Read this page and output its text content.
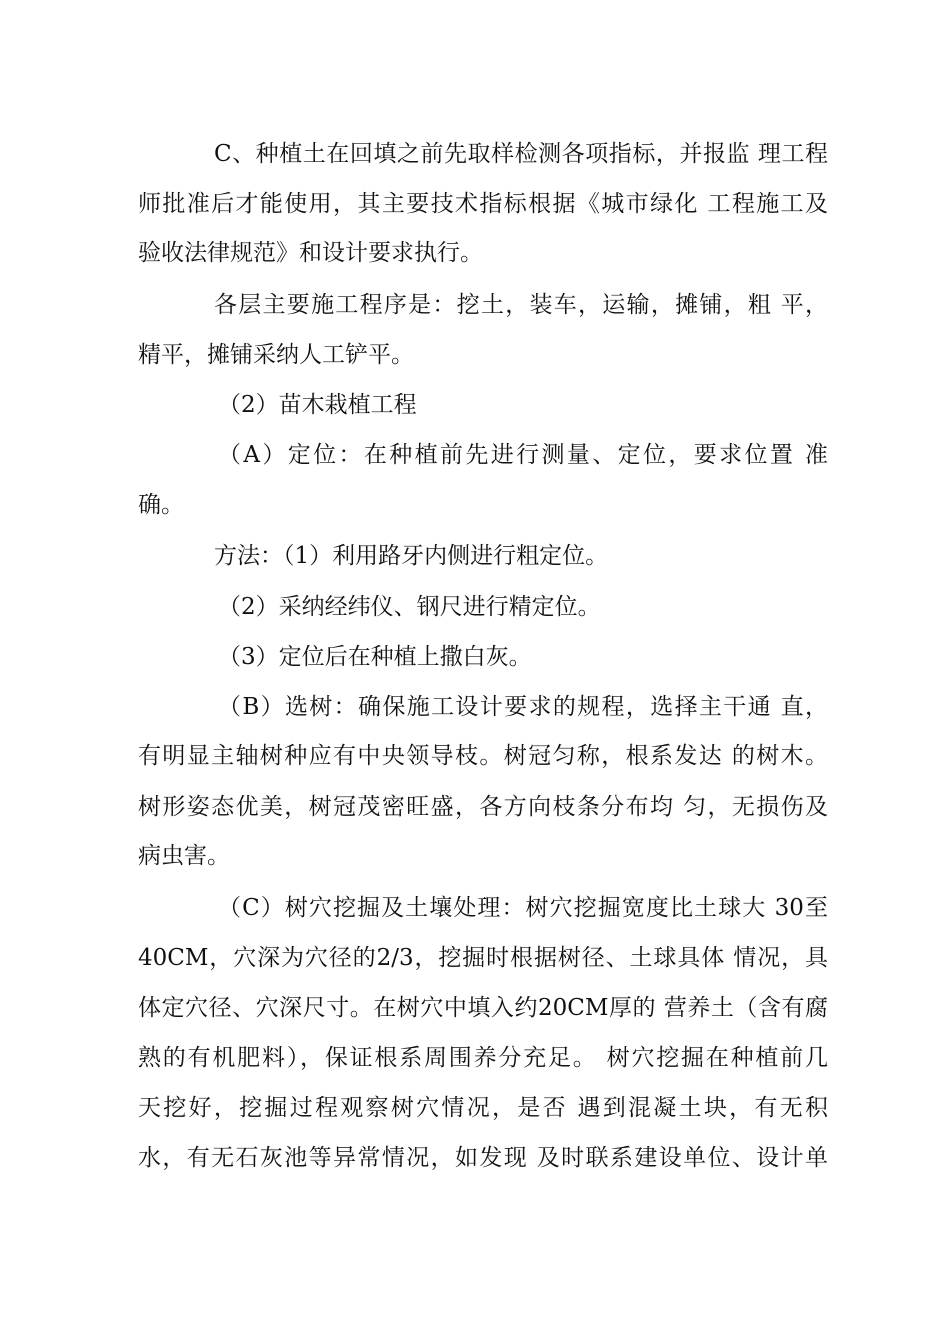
C、种植土在回填之前先取样检测各项指标，并报监 理工程
师批准后才能使用，其主要技术指标根据《城市绿化 工程施工及
验收法律规范》和设计要求执行。
各层主要施工程序是：挖土，装车，运输，摊铺，粗 平，
精平，摊铺采纳人工铲平。
（2）苗木栽植工程
（A）定位：在种植前先进行测量、定位，要求位置 准
确。
方法：（1）利用路牙内侧进行粗定位。
（2）采纳经纬仪、钢尺进行精定位。
（3）定位后在种植上撒白灰。
（B）选树：确保施工设计要求的规程，选择主干通 直，
有明显主轴树种应有中央领导枝。树冠匀称，根系发达 的树木。
树形姿态优美，树冠茂密旺盛，各方向枝条分布均 匀，无损伤及
病虫害。
（C）树穴挖掘及土壤处理：树穴挖掘宽度比土球大 30至
40CM，穴深为穴径的2/3，挖掘时根据树径、土球具体 情况，具
体定穴径、穴深尺寸。在树穴中填入约20CM厚的 营养土（含有腐
熟的有机肥料），保证根系周围养分充足。 树穴挖掘在种植前几
天挖好，挖掘过程观察树穴情况，是否 遇到混凝土块，有无积
水，有无石灰池等异常情况，如发现 及时联系建设单位、设计单
